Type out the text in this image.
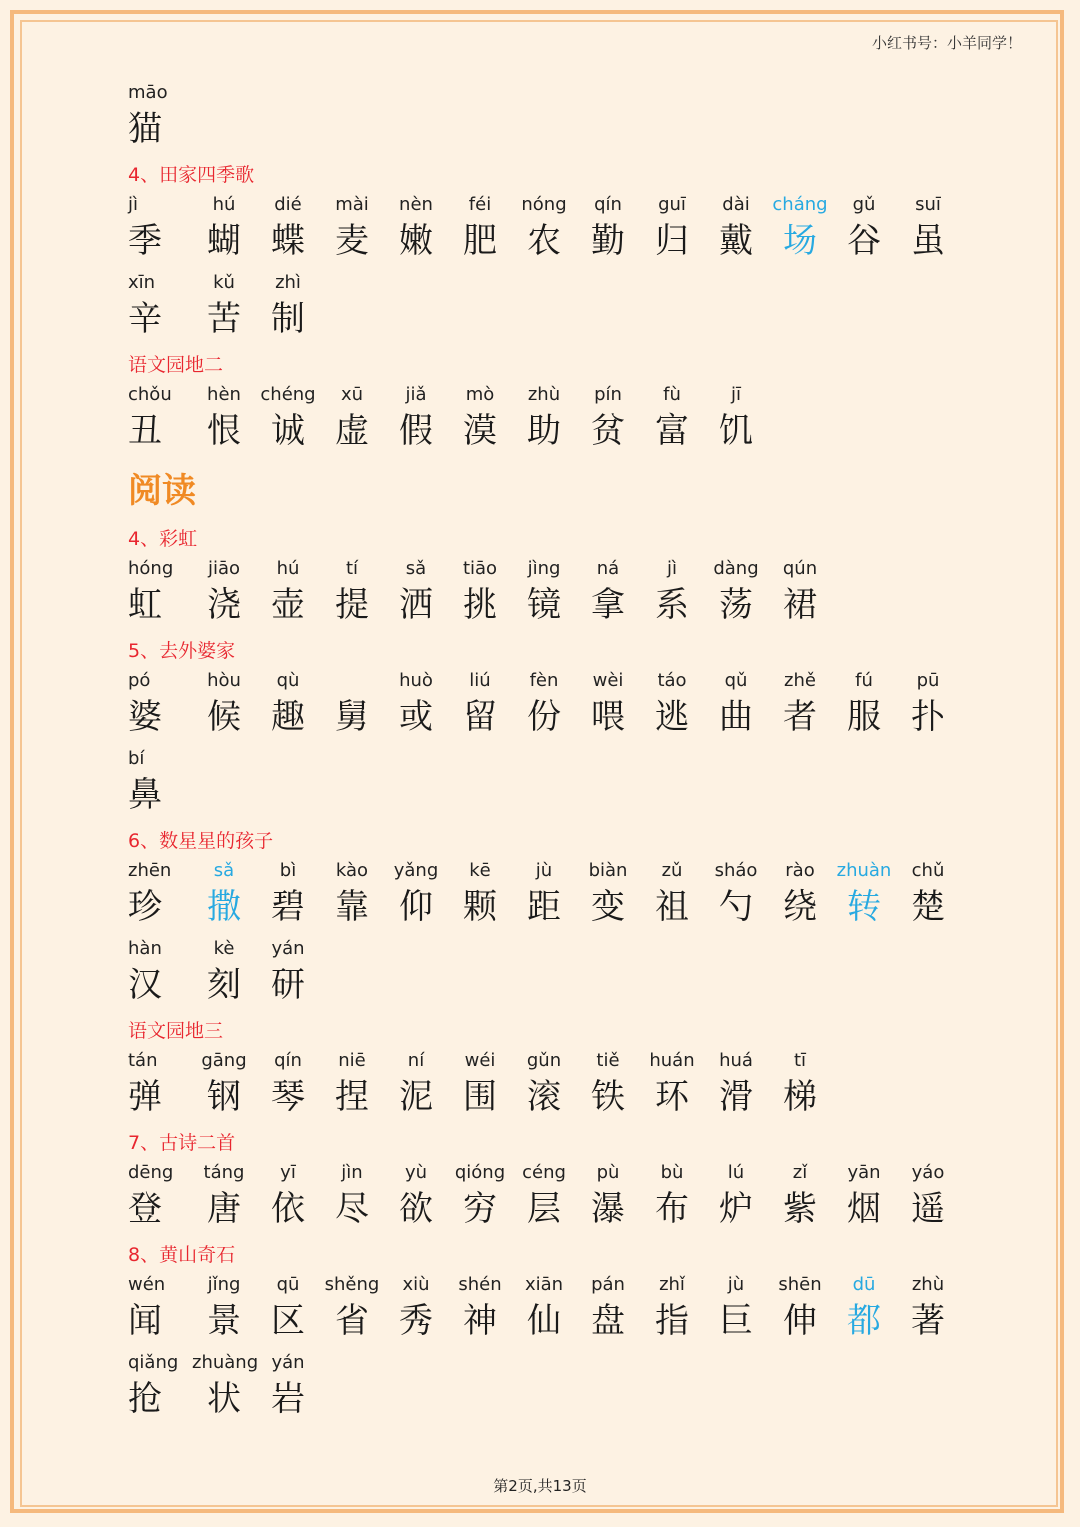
小红书号：小羊同学！
māo
猫
4、田家四季歌
jì
季
hú
蝴
dié
蝶
mài
麦
nèn
嫩
féi
肥
nóng
农
qín
勤
guī
归
dài
戴
cháng
场
gǔ
谷
suī
虽
xīn
辛
kǔ
苦
zhì
制
语文园地二
chǒu
丑
hèn
恨
chéng
诚
xū
虚
jiǎ
假
mò
漠
zhù
助
pín
贫
fù
富
jī
饥
阅读
4、彩虹
hóng
虹
jiāo
浇
hú
壶
tí
提
sǎ
洒
tiāo
挑
jìng
镜
ná
拿
jì
系
dàng
荡
qún
裙
5、去外婆家
pó
婆
hòu
候
qù
趣 舅
huò
或
liú
留
fèn
份
wèi
喂
táo
逃
qǔ
曲
zhě
者
fú
服
pū
扑
bí
鼻
6、数星星的孩子
zhēn
珍
sǎ
撒
bì
碧
kào
靠
yǎng
仰
kē
颗
jù
距
biàn
变
zǔ
祖
sháo
勺
rào
绕
zhuàn
转
chǔ
楚
hàn
汉
kè
刻
yán
研
语文园地三
tán
弹
gāng
钢
qín
琴
niē
捏
ní
泥
wéi
围
gǔn
滚
tiě
铁
huán
环
huá
滑
tī
梯
7、古诗二首
dēng
登
táng
唐
yī
依
jìn
尽
yù
欲
qióng
穷
céng
层
pù
瀑
bù
布
lú
炉
zǐ
紫
yān
烟
yáo
遥
8、黄山奇石
wén
闻
jǐng
景
qū
区
shěng
省
xiù
秀
shén
神
xiān
仙
pán
盘
zhǐ
指
jù
巨
shēn
伸
dū
都
zhù
著
qiǎng
抢
zhuàng
状
yán
岩
第2页,共13页
